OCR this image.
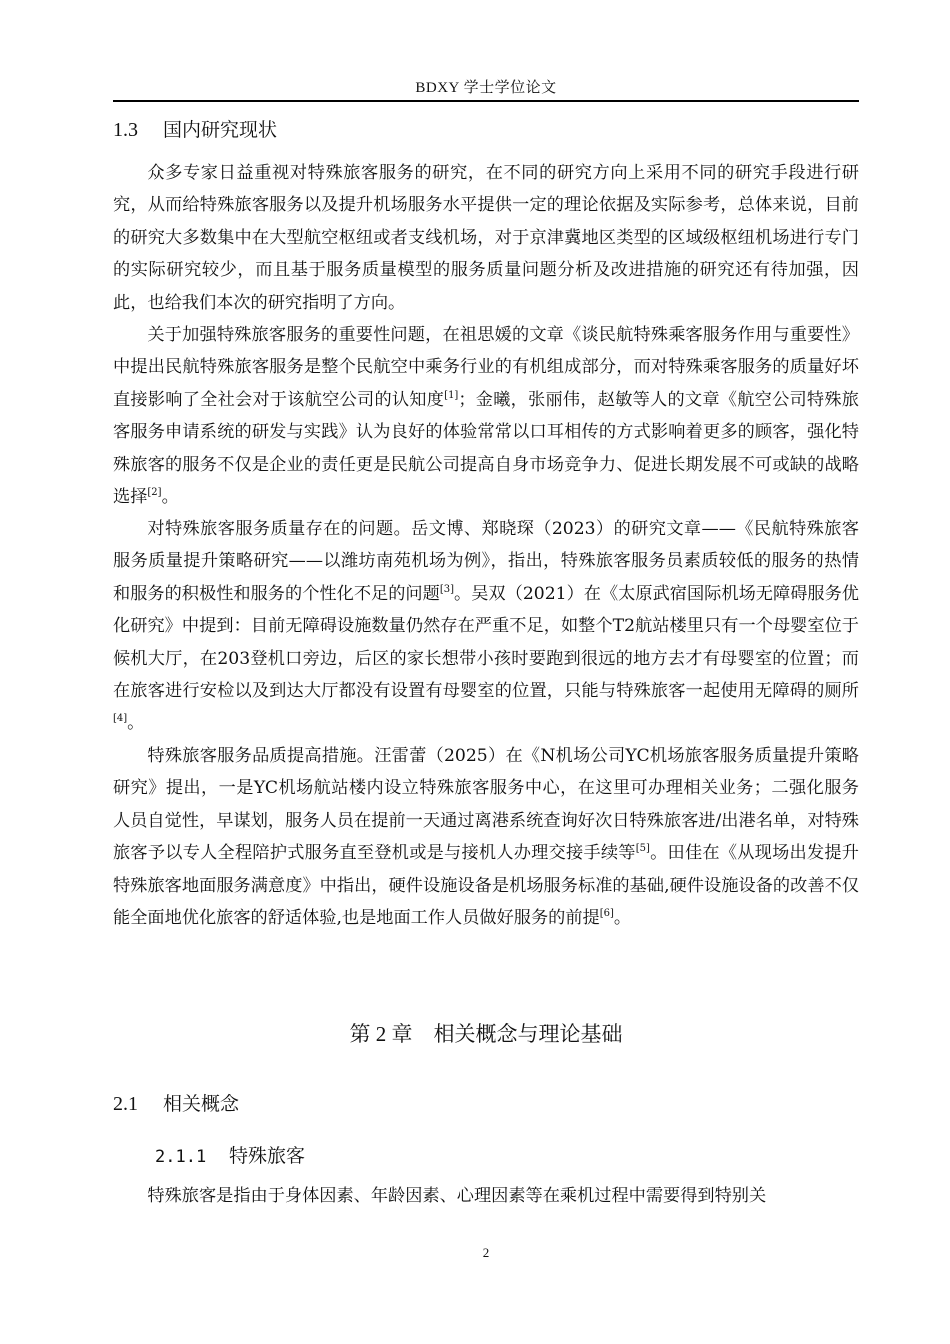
BDXY 学士学位论文
1.3 国内研究现状

众多专家日益重视对特殊旅客服务的研究，在不同的研究方向上采用不同的研究手段进行研究，从而给特殊旅客服务以及提升机场服务水平提供一定的理论依据及实际参考，总体来说，目前的研究大多数集中在大型航空枢纽或者支线机场，对于京津冀地区类型的区域级枢纽机场进行专门的实际研究较少，而且基于服务质量模型的服务质量问题分析及改进措施的研究还有待加强，因此，也给我们本次的研究指明了方向。

关于加强特殊旅客服务的重要性问题，在祖思媛的文章《谈民航特殊乘客服务作用与重要性》中提出民航特殊旅客服务是整个民航空中乘务行业的有机组成部分，而对特殊乘客服务的质量好坏直接影响了全社会对于该航空公司的认知度[1]；金曦，张丽伟，赵敏等人的文章《航空公司特殊旅客服务申请系统的研发与实践》认为良好的体验常常以口耳相传的方式影响着更多的顾客，强化特殊旅客的服务不仅是企业的责任更是民航公司提高自身市场竞争力、促进长期发展不可或缺的战略选择[2]。

对特殊旅客服务质量存在的问题。岳文博、郑晓琛（2023）的研究文章——《民航特殊旅客服务质量提升策略研究——以潍坊南苑机场为例》，指出，特殊旅客服务员素质较低的服务的热情和服务的积极性和服务的个性化不足的问题[3]。吴双（2021）在《太原武宿国际机场无障碍服务优化研究》中提到：目前无障碍设施数量仍然存在严重不足，如整个T2航站楼里只有一个母婴室位于候机大厅，在203登机口旁边，后区的家长想带小孩时要跑到很远的地方去才有母婴室的位置；而在旅客进行安检以及到达大厅都没有设置有母婴室的位置，只能与特殊旅客一起使用无障碍的厕所[4]。

特殊旅客服务品质提高措施。汪雷蕾（2025）在《N机场公司YC机场旅客服务质量提升策略研究》提出，一是YC机场航站楼内设立特殊旅客服务中心，在这里可办理相关业务；二强化服务人员自觉性，早谋划，服务人员在提前一天通过离港系统查询好次日特殊旅客进/出港名单，对特殊旅客予以专人全程陪护式服务直至登机或是与接机人办理交接手续等[5]。田佳在《从现场出发提升特殊旅客地面服务满意度》中指出，硬件设施设备是机场服务标准的基础,硬件设施设备的改善不仅能全面地优化旅客的舒适体验,也是地面工作人员做好服务的前提[6]。

第 2 章　 相关概念与理论基础
2.1 相关概念
2.1.1 特殊旅客

特殊旅客是指由于身体因素、年龄因素、心理因素等在乘机过程中需要得到特别关

2
